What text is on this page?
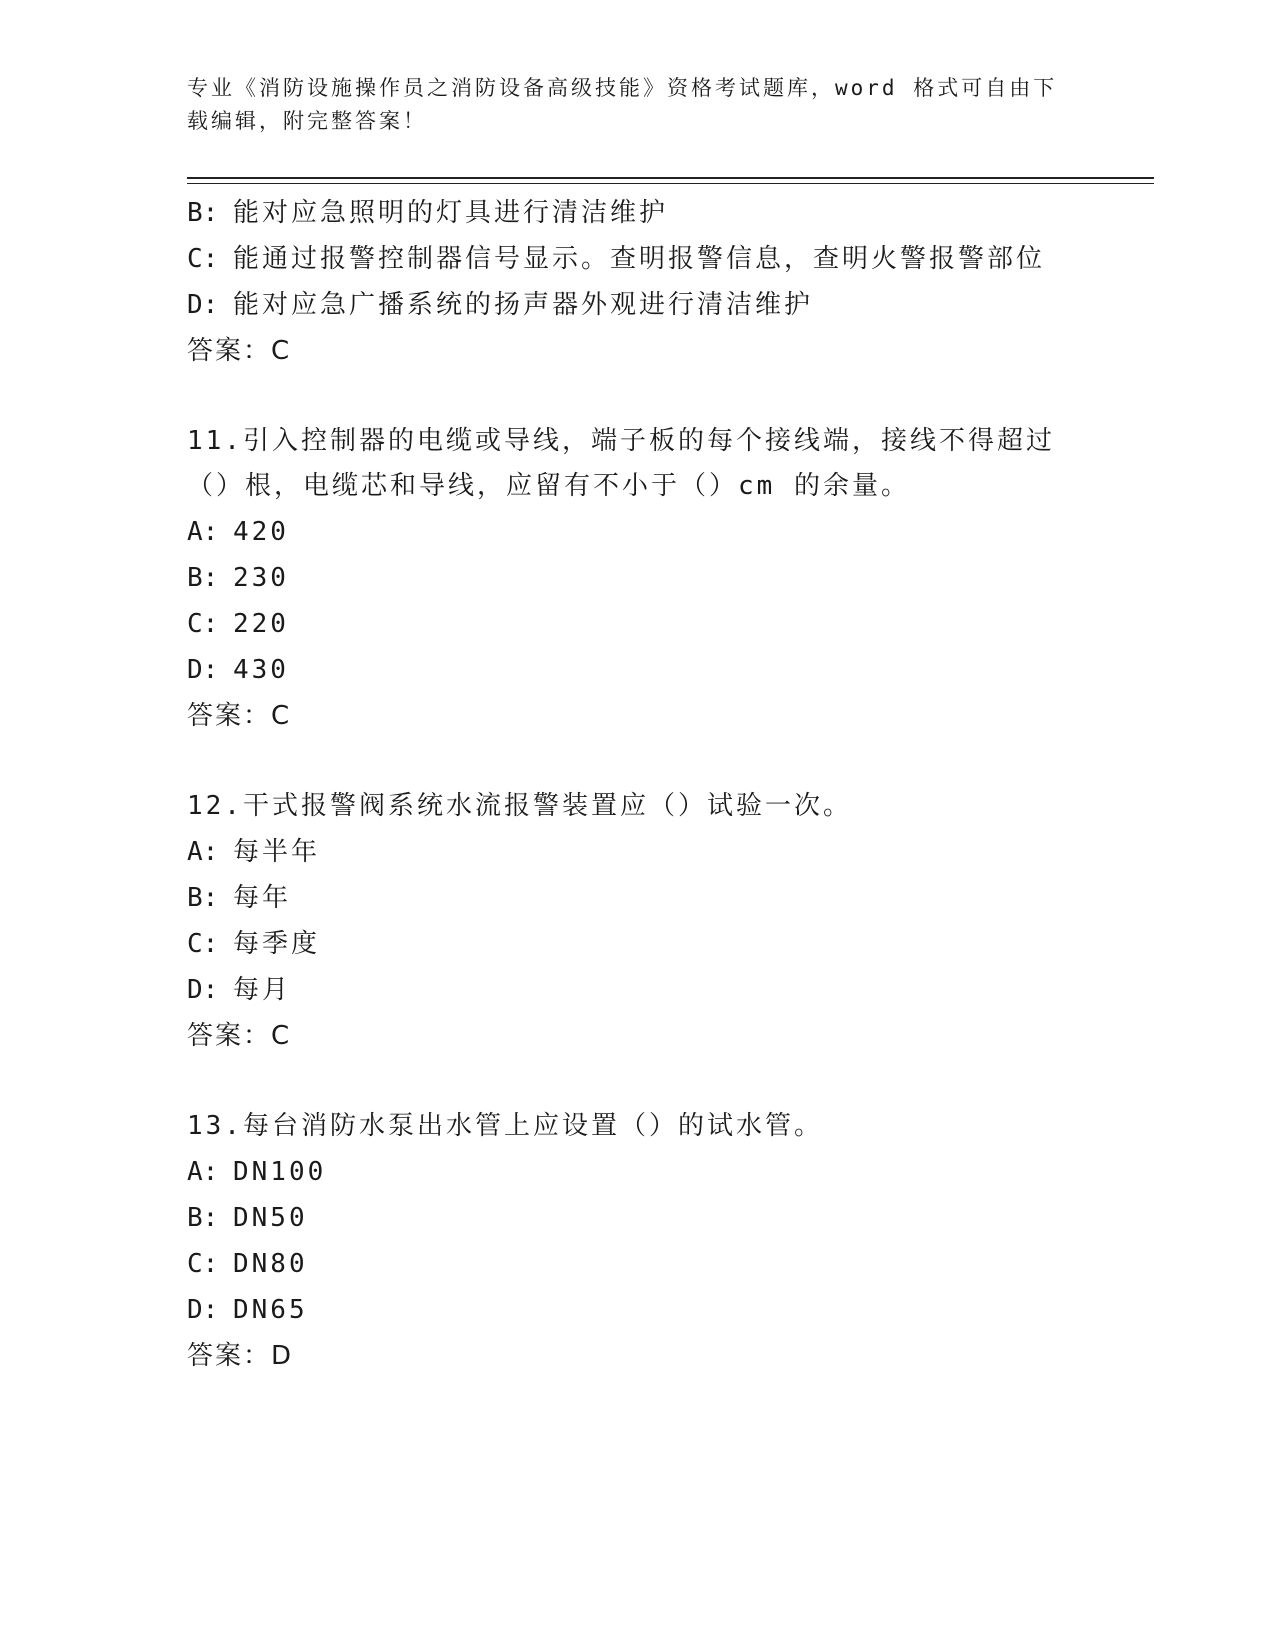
专业《消防设施操作员之消防设备高级技能》资格考试题库，word 格式可自由下载编辑，附完整答案！
B: 能对应急照明的灯具进行清洁维护
C: 能通过报警控制器信号显示。查明报警信息，查明火警报警部位
D: 能对应急广播系统的扬声器外观进行清洁维护
答案：C
11.引入控制器的电缆或导线，端子板的每个接线端，接线不得超过（）根，电缆芯和导线，应留有不小于（）cm 的余量。
A: 420
B: 230
C: 220
D: 430
答案：C
12.干式报警阀系统水流报警装置应（）试验一次。
A: 每半年
B: 每年
C: 每季度
D: 每月
答案：C
13.每台消防水泵出水管上应设置（）的试水管。
A: DN100
B: DN50
C: DN80
D: DN65
答案：D
